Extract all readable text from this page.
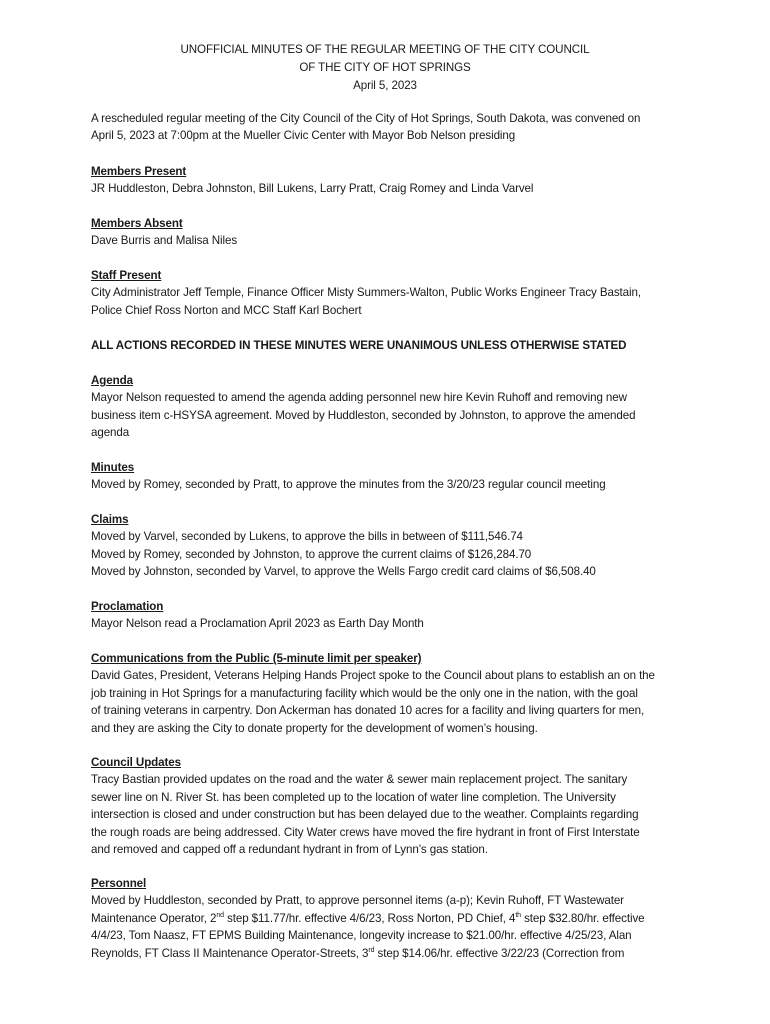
UNOFFICIAL MINUTES OF THE REGULAR MEETING OF THE CITY COUNCIL
OF THE CITY OF HOT SPRINGS
April 5, 2023
A rescheduled regular meeting of the City Council of the City of Hot Springs, South Dakota, was convened on
April 5, 2023 at 7:00pm at the Mueller Civic Center with Mayor Bob Nelson presiding
Members Present
JR Huddleston, Debra Johnston, Bill Lukens, Larry Pratt, Craig Romey and Linda Varvel
Members Absent
Dave Burris and Malisa Niles
Staff Present
City Administrator Jeff Temple, Finance Officer Misty Summers-Walton, Public Works Engineer Tracy Bastain,
Police Chief Ross Norton and MCC Staff Karl Bochert
ALL ACTIONS RECORDED IN THESE MINUTES WERE UNANIMOUS UNLESS OTHERWISE STATED
Agenda
Mayor Nelson requested to amend the agenda adding personnel new hire Kevin Ruhoff and removing new
business item c-HSYSA agreement. Moved by Huddleston, seconded by Johnston, to approve the amended
agenda
Minutes
Moved by Romey, seconded by Pratt, to approve the minutes from the 3/20/23 regular council meeting
Claims
Moved by Varvel, seconded by Lukens, to approve the bills in between of $111,546.74
Moved by Romey, seconded by Johnston, to approve the current claims of $126,284.70
Moved by Johnston, seconded by Varvel, to approve the Wells Fargo credit card claims of $6,508.40
Proclamation
Mayor Nelson read a Proclamation April 2023 as Earth Day Month
Communications from the Public (5-minute limit per speaker)
David Gates, President, Veterans Helping Hands Project spoke to the Council about plans to establish an on the
job training in Hot Springs for a manufacturing facility which would be the only one in the nation, with the goal
of training veterans in carpentry. Don Ackerman has donated 10 acres for a facility and living quarters for men,
and they are asking the City to donate property for the development of women’s housing.
Council Updates
Tracy Bastian provided updates on the road and the water & sewer main replacement project. The sanitary
sewer line on N. River St. has been completed up to the location of water line completion. The University
intersection is closed and under construction but has been delayed due to the weather. Complaints regarding
the rough roads are being addressed. City Water crews have moved the fire hydrant in front of First Interstate
and removed and capped off a redundant hydrant in from of Lynn’s gas station.
Personnel
Moved by Huddleston, seconded by Pratt, to approve personnel items (a-p); Kevin Ruhoff, FT Wastewater
Maintenance Operator, 2nd step $11.77/hr. effective 4/6/23, Ross Norton, PD Chief, 4th step $32.80/hr. effective
4/4/23, Tom Naasz, FT EPMS Building Maintenance, longevity increase to $21.00/hr. effective 4/25/23, Alan
Reynolds, FT Class II Maintenance Operator-Streets, 3rd step $14.06/hr. effective 3/22/23 (Correction from
